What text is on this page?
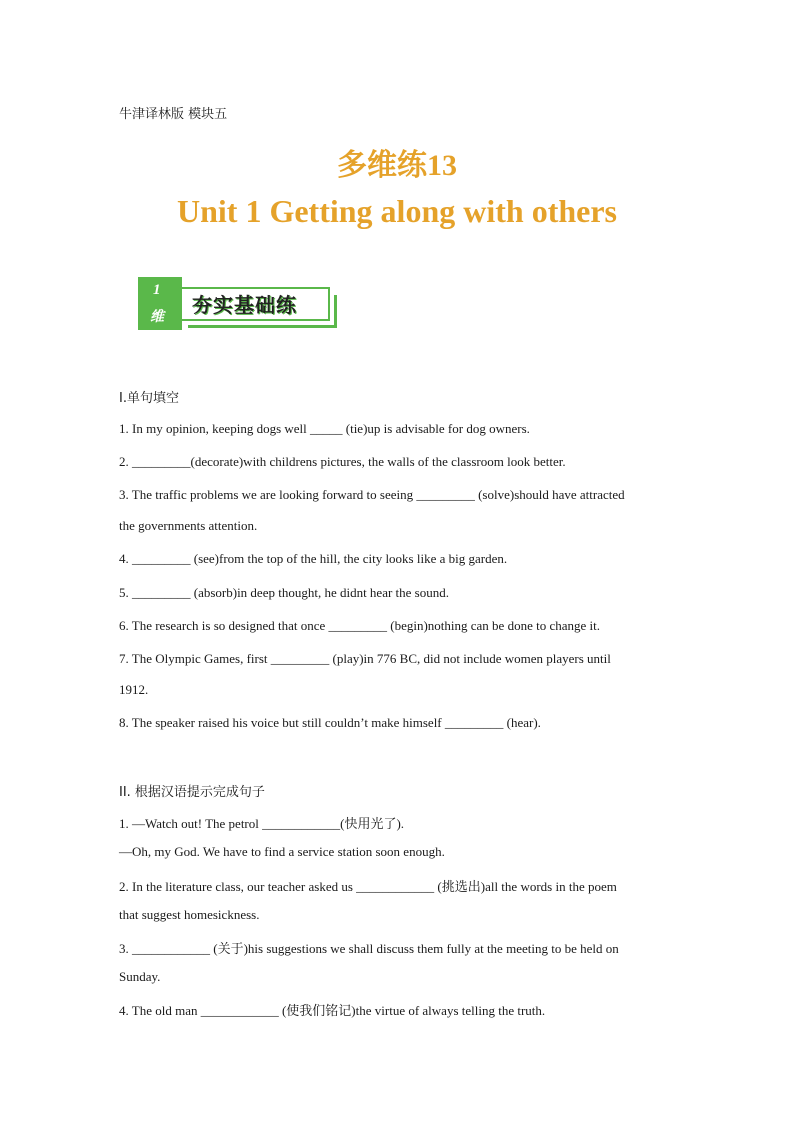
牛津译林版 模块五
多维练13
Unit 1 Getting along with others
1
维 夯实基础练
I.单句填空
1. In my opinion, keeping dogs well _____ (tie)up is advisable for dog owners.
2. _________(decorate)with childrens pictures, the walls of the classroom look better.
3. The traffic problems we are looking forward to seeing _________ (solve)should have attracted
the governments attention.
4. _________ (see)from the top of the hill, the city looks like a big garden.
5. _________ (absorb)in deep thought, he didnt hear the sound.
6. The research is so designed that once _________ (begin)nothing can be done to change it.
7. The Olympic Games, first _________ (play)in 776 BC, did not include women players until
1912.
8. The speaker raised his voice but still couldn’t make himself _________ (hear).
II. 根据汉语提示完成句子
1. —Watch out! The petrol ____________(快用光了).
—Oh, my God. We have to find a service station soon enough.
2. In the literature class, our teacher asked us ____________ (挑选出)all the words in the poem
that suggest homesickness.
3. ____________ (关于)his suggestions we shall discuss them fully at the meeting to be held on
Sunday.
4. The old man ____________ (使我们铭记)the virtue of always telling the truth.
